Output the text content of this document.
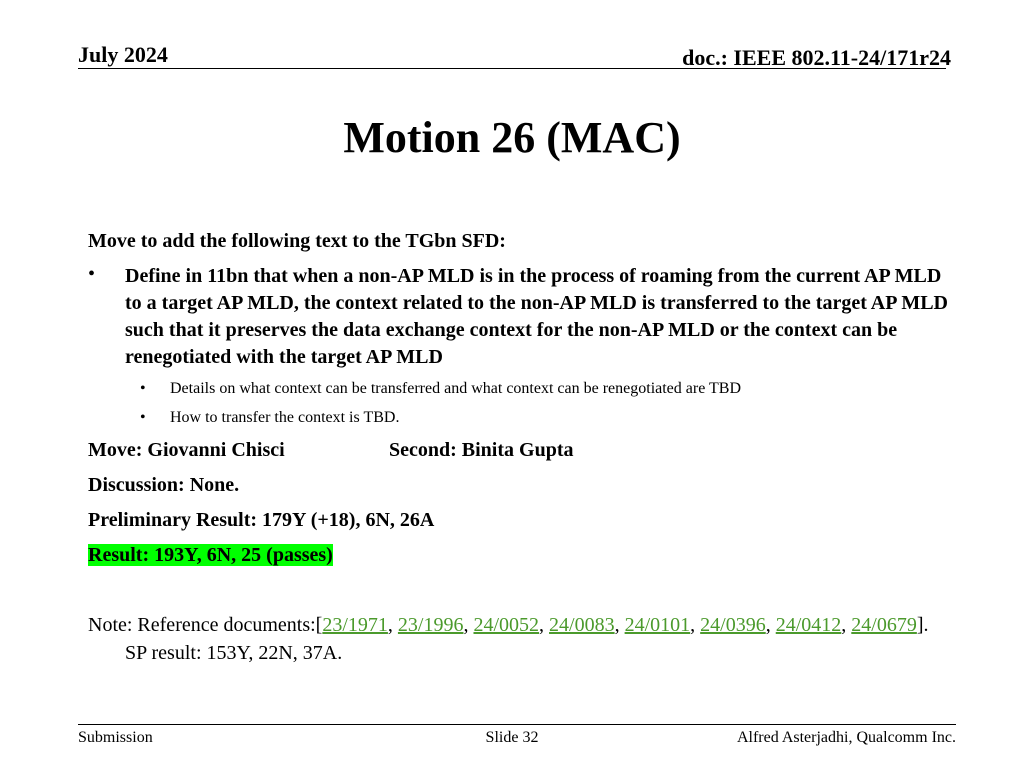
July 2024	doc.: IEEE 802.11-24/171r24
Motion 26 (MAC)

Move to add the following text to the TGbn SFD:

• Define in 11bn that when a non-AP MLD is in the process of roaming from the current AP MLD to a target AP MLD, the context related to the non-AP MLD is transferred to the target AP MLD such that it preserves the data exchange context for the non-AP MLD or the context can be renegotiated with the target AP MLD
• Details on what context can be transferred and what context can be renegotiated are TBD
• How to transfer the context is TBD.
Move: Giovanni Chisci	Second: Binita Gupta
Discussion: None.
Preliminary Result: 179Y (+18), 6N, 26A
Result: 193Y, 6N, 25 (passes)
Note: Reference documents:[23/1971, 23/1996, 24/0052, 24/0083, 24/0101, 24/0396, 24/0412, 24/0679]. SP result: 153Y, 22N, 37A.
Submission	Slide 32	Alfred Asterjadhi, Qualcomm Inc.
